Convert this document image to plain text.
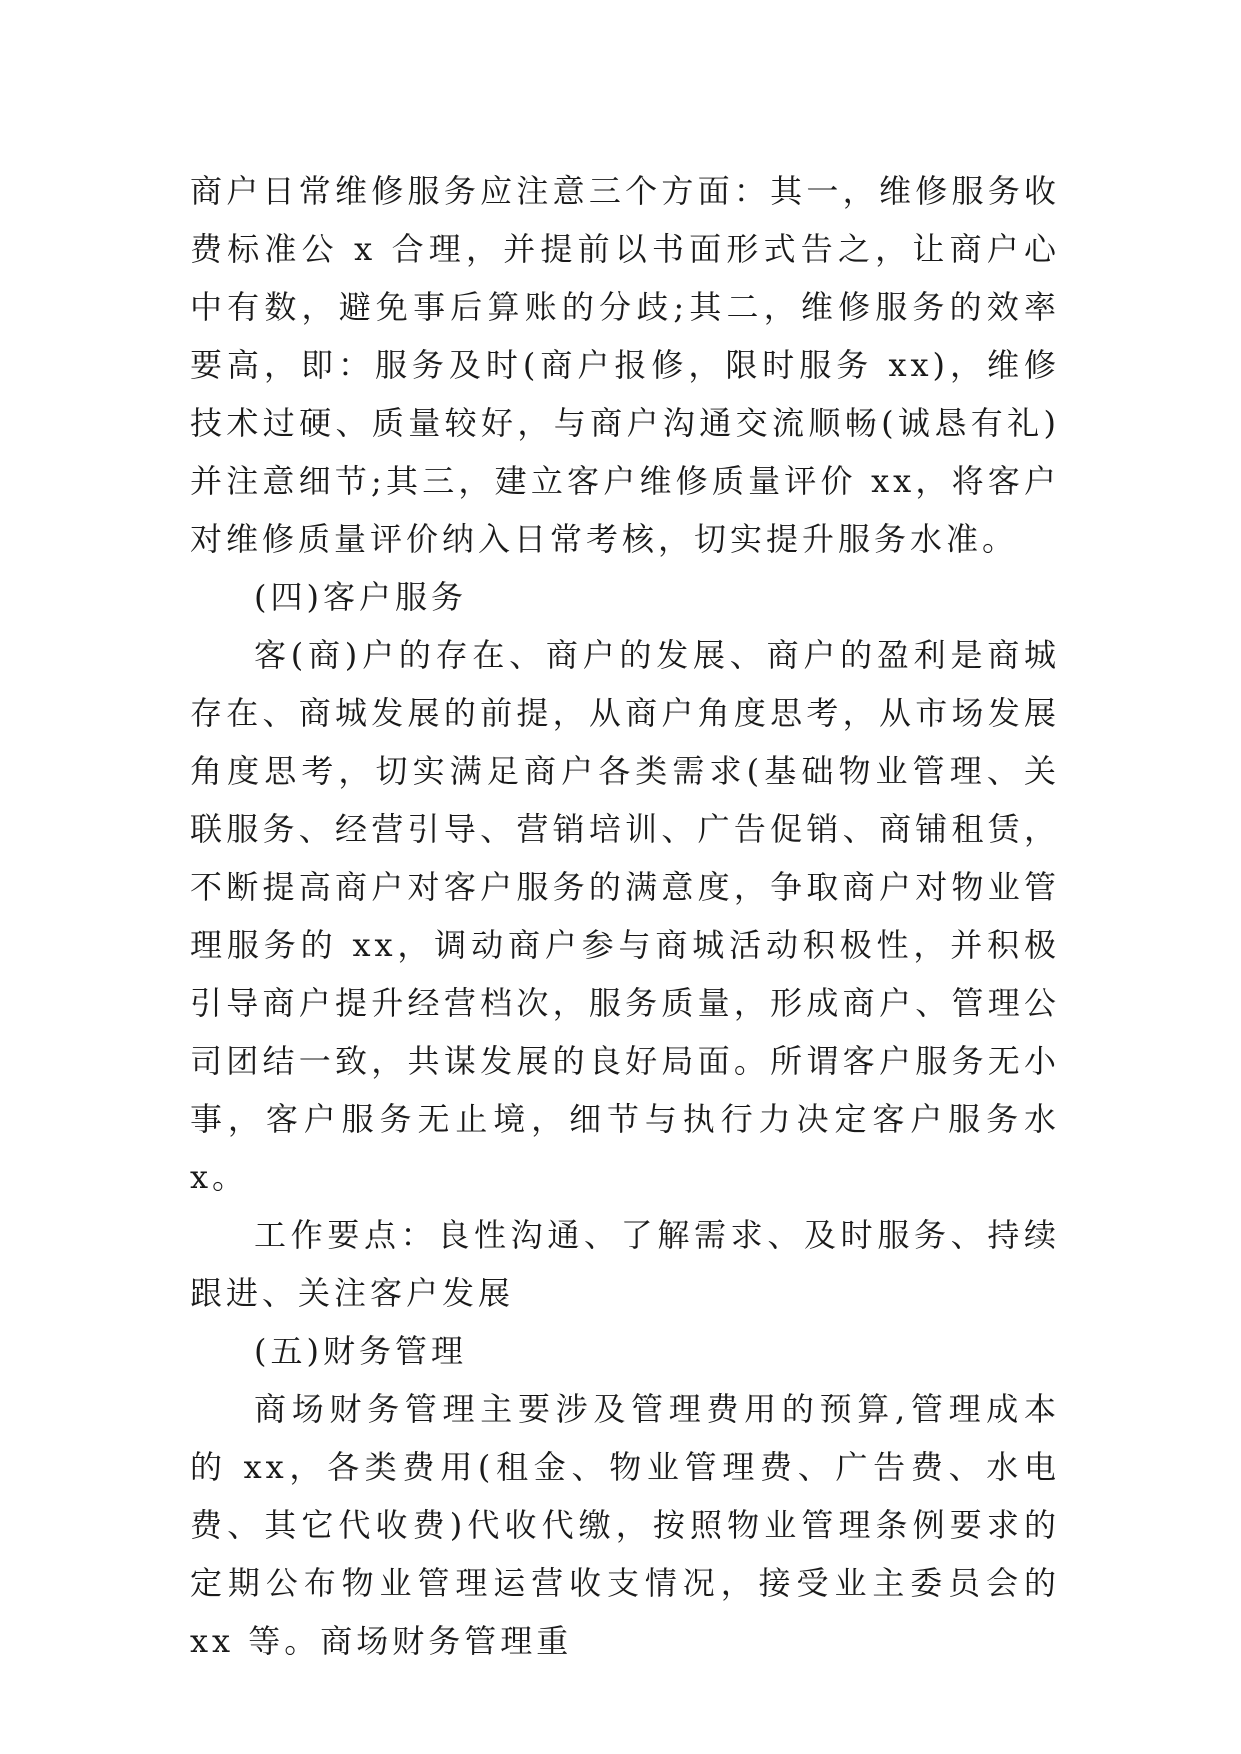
商户日常维修服务应注意三个方面：其一，维修服务收费标准公 x 合理，并提前以书面形式告之，让商户心中有数，避免事后算账的分歧;其二，维修服务的效率要高，即：服务及时(商户报修，限时服务 xx)，维修技术过硬、质量较好，与商户沟通交流顺畅(诚恳有礼)并注意细节;其三，建立客户维修质量评价 xx，将客户对维修质量评价纳入日常考核，切实提升服务水准。

(四)客户服务

客(商)户的存在、商户的发展、商户的盈利是商城存在、商城发展的前提，从商户角度思考，从市场发展角度思考，切实满足商户各类需求(基础物业管理、关联服务、经营引导、营销培训、广告促销、商铺租赁，不断提高商户对客户服务的满意度，争取商户对物业管理服务的 xx，调动商户参与商城活动积极性，并积极引导商户提升经营档次，服务质量，形成商户、管理公司团结一致，共谋发展的良好局面。所谓客户服务无小事，客户服务无止境，细节与执行力决定客户服务水 x。

工作要点：良性沟通、了解需求、及时服务、持续跟进、关注客户发展

(五)财务管理

商场财务管理主要涉及管理费用的预算,管理成本的 xx，各类费用(租金、物业管理费、广告费、水电费、其它代收费)代收代缴，按照物业管理条例要求的定期公布物业管理运营收支情况，接受业主委员会的 xx 等。商场财务管理重
